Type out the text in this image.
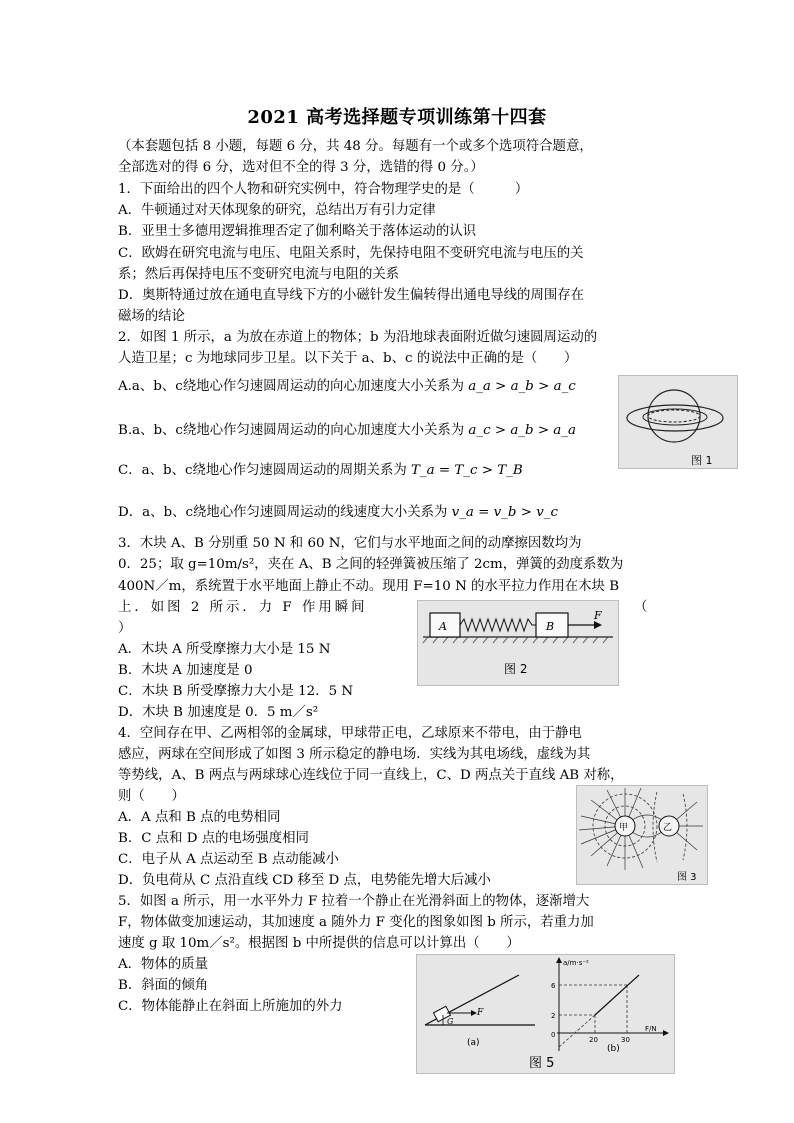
2021 高考选择题专项训练第十四套
（本套题包括 8 小题，每题 6 分，共 48 分。每题有一个或多个选项符合题意，
全部选对的得 6 分，选对但不全的得 3 分，选错的得 0 分。）
1．下面给出的四个人物和研究实例中，符合物理学史的是（　　　）
A．牛顿通过对天体现象的研究，总结出万有引力定律
B．亚里士多德用逻辑推理否定了伽利略关于落体运动的认识
C．欧姆在研究电流与电压、电阻关系时，先保持电阻不变研究电流与电压的关
系；然后再保持电压不变研究电流与电阻的关系
D．奥斯特通过放在通电直导线下方的小磁针发生偏转得出通电导线的周围存在
磁场的结论
2．如图 1 所示，a 为放在赤道上的物体；b 为沿地球表面附近做匀速圆周运动的
人造卫星；c 为地球同步卫星。以下关于 a、b、c 的说法中正确的是（　　）
A.a、b、c绕地心作匀速圆周运动的向心加速度大小关系为 a_a > a_b > a_c
B.a、b、c绕地心作匀速圆周运动的向心加速度大小关系为 a_c > a_b > a_a
C．a、b、c绕地心作匀速圆周运动的周期关系为 T_a = T_c > T_B
D．a、b、c绕地心作匀速圆周运动的线速度大小关系为 v_a = v_b > v_c
图 1
3．木块 A、B 分别重 50 N 和 60 N，它们与水平地面之间的动摩擦因数均为
0．25；取 g=10m/s²，夹在 A、B 之间的轻弹簧被压缩了 2cm，弹簧的劲度系数为
400N／m，系统置于水平地面上静止不动。现用 F=10 N 的水平拉力作用在木块 B
上．如图 2 所示．力 F 作用瞬间	（
）
A．木块 A 所受摩擦力大小是 15 N
B．木块 A 加速度是 0
C．木块 B 所受摩擦力大小是 12．5 N
D．木块 B 加速度是 0．5 m／s²
A	B
F
图 2
4．空间存在甲、乙两相邻的金属球，甲球带正电，乙球原来不带电，由于静电
感应，两球在空间形成了如图 3 所示稳定的静电场．实线为其电场线，虚线为其
等势线，A、B 两点与两球球心连线位于同一直线上，C、D 两点关于直线 AB 对称，
则（　　）
A．A 点和 B 点的电势相同
B．C 点和 D 点的电场强度相同
C．电子从 A 点运动至 B 点动能减小
D．负电荷从 C 点沿直线 CD 移至 D 点，电势能先增大后减小
甲	乙
图 3
5．如图 a 所示，用一水平外力 F 拉着一个静止在光滑斜面上的物体，逐渐增大
F，物体做变加速运动，其加速度 a 随外力 F 变化的图象如图 b 所示，若重力加
速度 g 取 10m／s²。根据图 b 中所提供的信息可以计算出（　　）
A．物体的质量
B．斜面的倾角
C．物体能静止在斜面上所施加的外力	F
G
(a)
a/m·s⁻²
F/N
6
2
0
20	30
(b)
图 5
